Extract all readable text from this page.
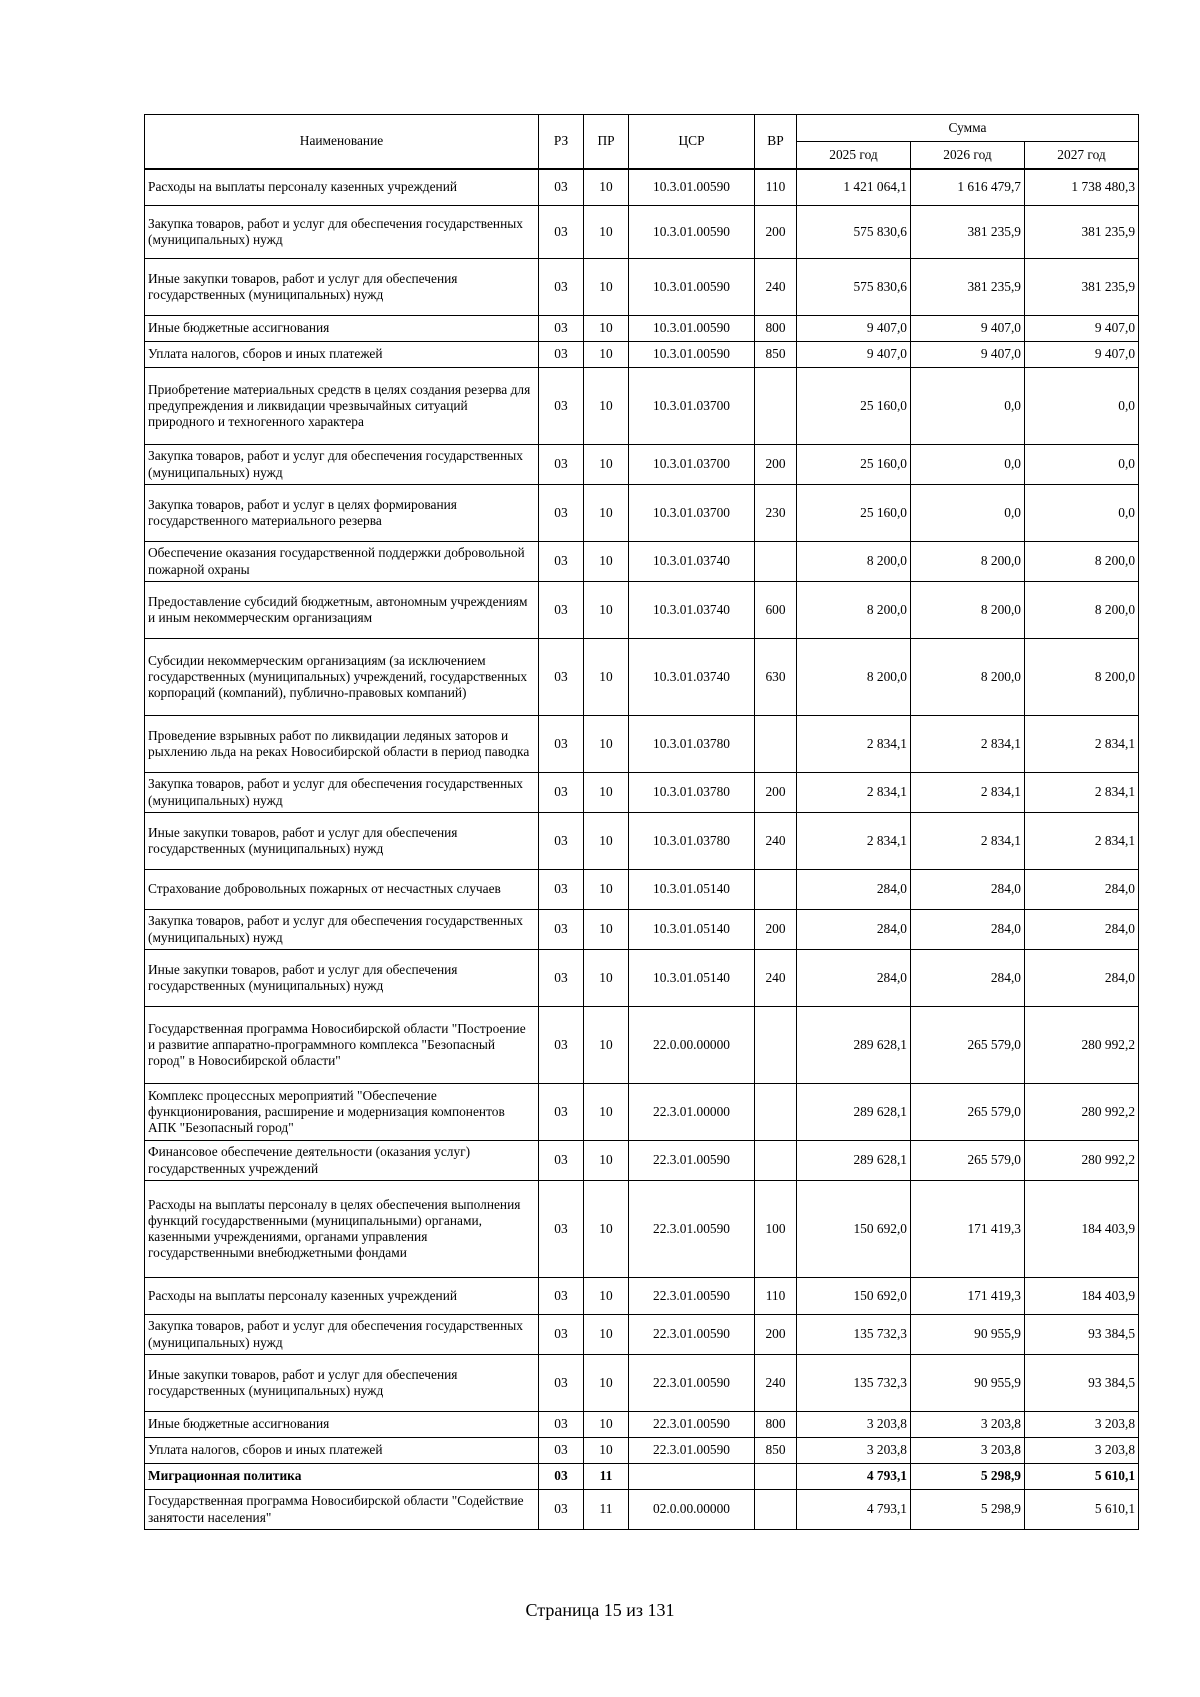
Наименование	РЗ	ПР	ЦСР	ВР	Сумма		
					2025 год	2026 год	2027 год
Расходы на выплаты персоналу казенных учреждений	03	10	10.3.01.00590	110	1 421 064,1	1 616 479,7	1 738 480,3
Закупка товаров, работ и услуг для обеспечения государственных (муниципальных) нужд	03	10	10.3.01.00590	200	575 830,6	381 235,9	381 235,9
Иные закупки товаров, работ и услуг для обеспечения государственных (муниципальных) нужд	03	10	10.3.01.00590	240	575 830,6	381 235,9	381 235,9
Иные бюджетные ассигнования	03	10	10.3.01.00590	800	9 407,0	9 407,0	9 407,0
Уплата налогов, сборов и иных платежей	03	10	10.3.01.00590	850	9 407,0	9 407,0	9 407,0
Приобретение материальных средств в целях создания резерва для предупреждения и ликвидации чрезвычайных ситуаций природного и техногенного характера	03	10	10.3.01.03700		25 160,0	0,0	0,0
Закупка товаров, работ и услуг для обеспечения государственных (муниципальных) нужд	03	10	10.3.01.03700	200	25 160,0	0,0	0,0
Закупка товаров, работ и услуг в целях формирования государственного материального резерва	03	10	10.3.01.03700	230	25 160,0	0,0	0,0
Обеспечение оказания государственной поддержки добровольной пожарной охраны	03	10	10.3.01.03740		8 200,0	8 200,0	8 200,0
Предоставление субсидий бюджетным, автономным учреждениям и иным некоммерческим организациям	03	10	10.3.01.03740	600	8 200,0	8 200,0	8 200,0
Субсидии некоммерческим организациям (за исключением государственных (муниципальных) учреждений, государственных корпораций (компаний), публично-правовых компаний)	03	10	10.3.01.03740	630	8 200,0	8 200,0	8 200,0
Проведение взрывных работ по ликвидации ледяных заторов и рыхлению льда на реках Новосибирской области в период паводка	03	10	10.3.01.03780		2 834,1	2 834,1	2 834,1
Закупка товаров, работ и услуг для обеспечения государственных (муниципальных) нужд	03	10	10.3.01.03780	200	2 834,1	2 834,1	2 834,1
Иные закупки товаров, работ и услуг для обеспечения государственных (муниципальных) нужд	03	10	10.3.01.03780	240	2 834,1	2 834,1	2 834,1
Страхование добровольных пожарных от несчастных случаев	03	10	10.3.01.05140		284,0	284,0	284,0
Закупка товаров, работ и услуг для обеспечения государственных (муниципальных) нужд	03	10	10.3.01.05140	200	284,0	284,0	284,0
Иные закупки товаров, работ и услуг для обеспечения государственных (муниципальных) нужд	03	10	10.3.01.05140	240	284,0	284,0	284,0
Государственная программа Новосибирской области "Построение и развитие аппаратно-программного комплекса "Безопасный город" в Новосибирской области"	03	10	22.0.00.00000		289 628,1	265 579,0	280 992,2
Комплекс процессных мероприятий "Обеспечение функционирования, расширение и модернизация компонентов АПК "Безопасный город"	03	10	22.3.01.00000		289 628,1	265 579,0	280 992,2
Финансовое обеспечение деятельности (оказания услуг) государственных учреждений	03	10	22.3.01.00590		289 628,1	265 579,0	280 992,2
Расходы на выплаты персоналу в целях обеспечения выполнения функций государственными (муниципальными) органами, казенными учреждениями, органами управления государственными внебюджетными фондами	03	10	22.3.01.00590	100	150 692,0	171 419,3	184 403,9
Расходы на выплаты персоналу казенных учреждений	03	10	22.3.01.00590	110	150 692,0	171 419,3	184 403,9
Закупка товаров, работ и услуг для обеспечения государственных (муниципальных) нужд	03	10	22.3.01.00590	200	135 732,3	90 955,9	93 384,5
Иные закупки товаров, работ и услуг для обеспечения государственных (муниципальных) нужд	03	10	22.3.01.00590	240	135 732,3	90 955,9	93 384,5
Иные бюджетные ассигнования	03	10	22.3.01.00590	800	3 203,8	3 203,8	3 203,8
Уплата налогов, сборов и иных платежей	03	10	22.3.01.00590	850	3 203,8	3 203,8	3 203,8
Миграционная политика	03	11			4 793,1	5 298,9	5 610,1
Государственная программа Новосибирской области "Содействие занятости населения"	03	11	02.0.00.00000		4 793,1	5 298,9	5 610,1
Страница 15 из 131
